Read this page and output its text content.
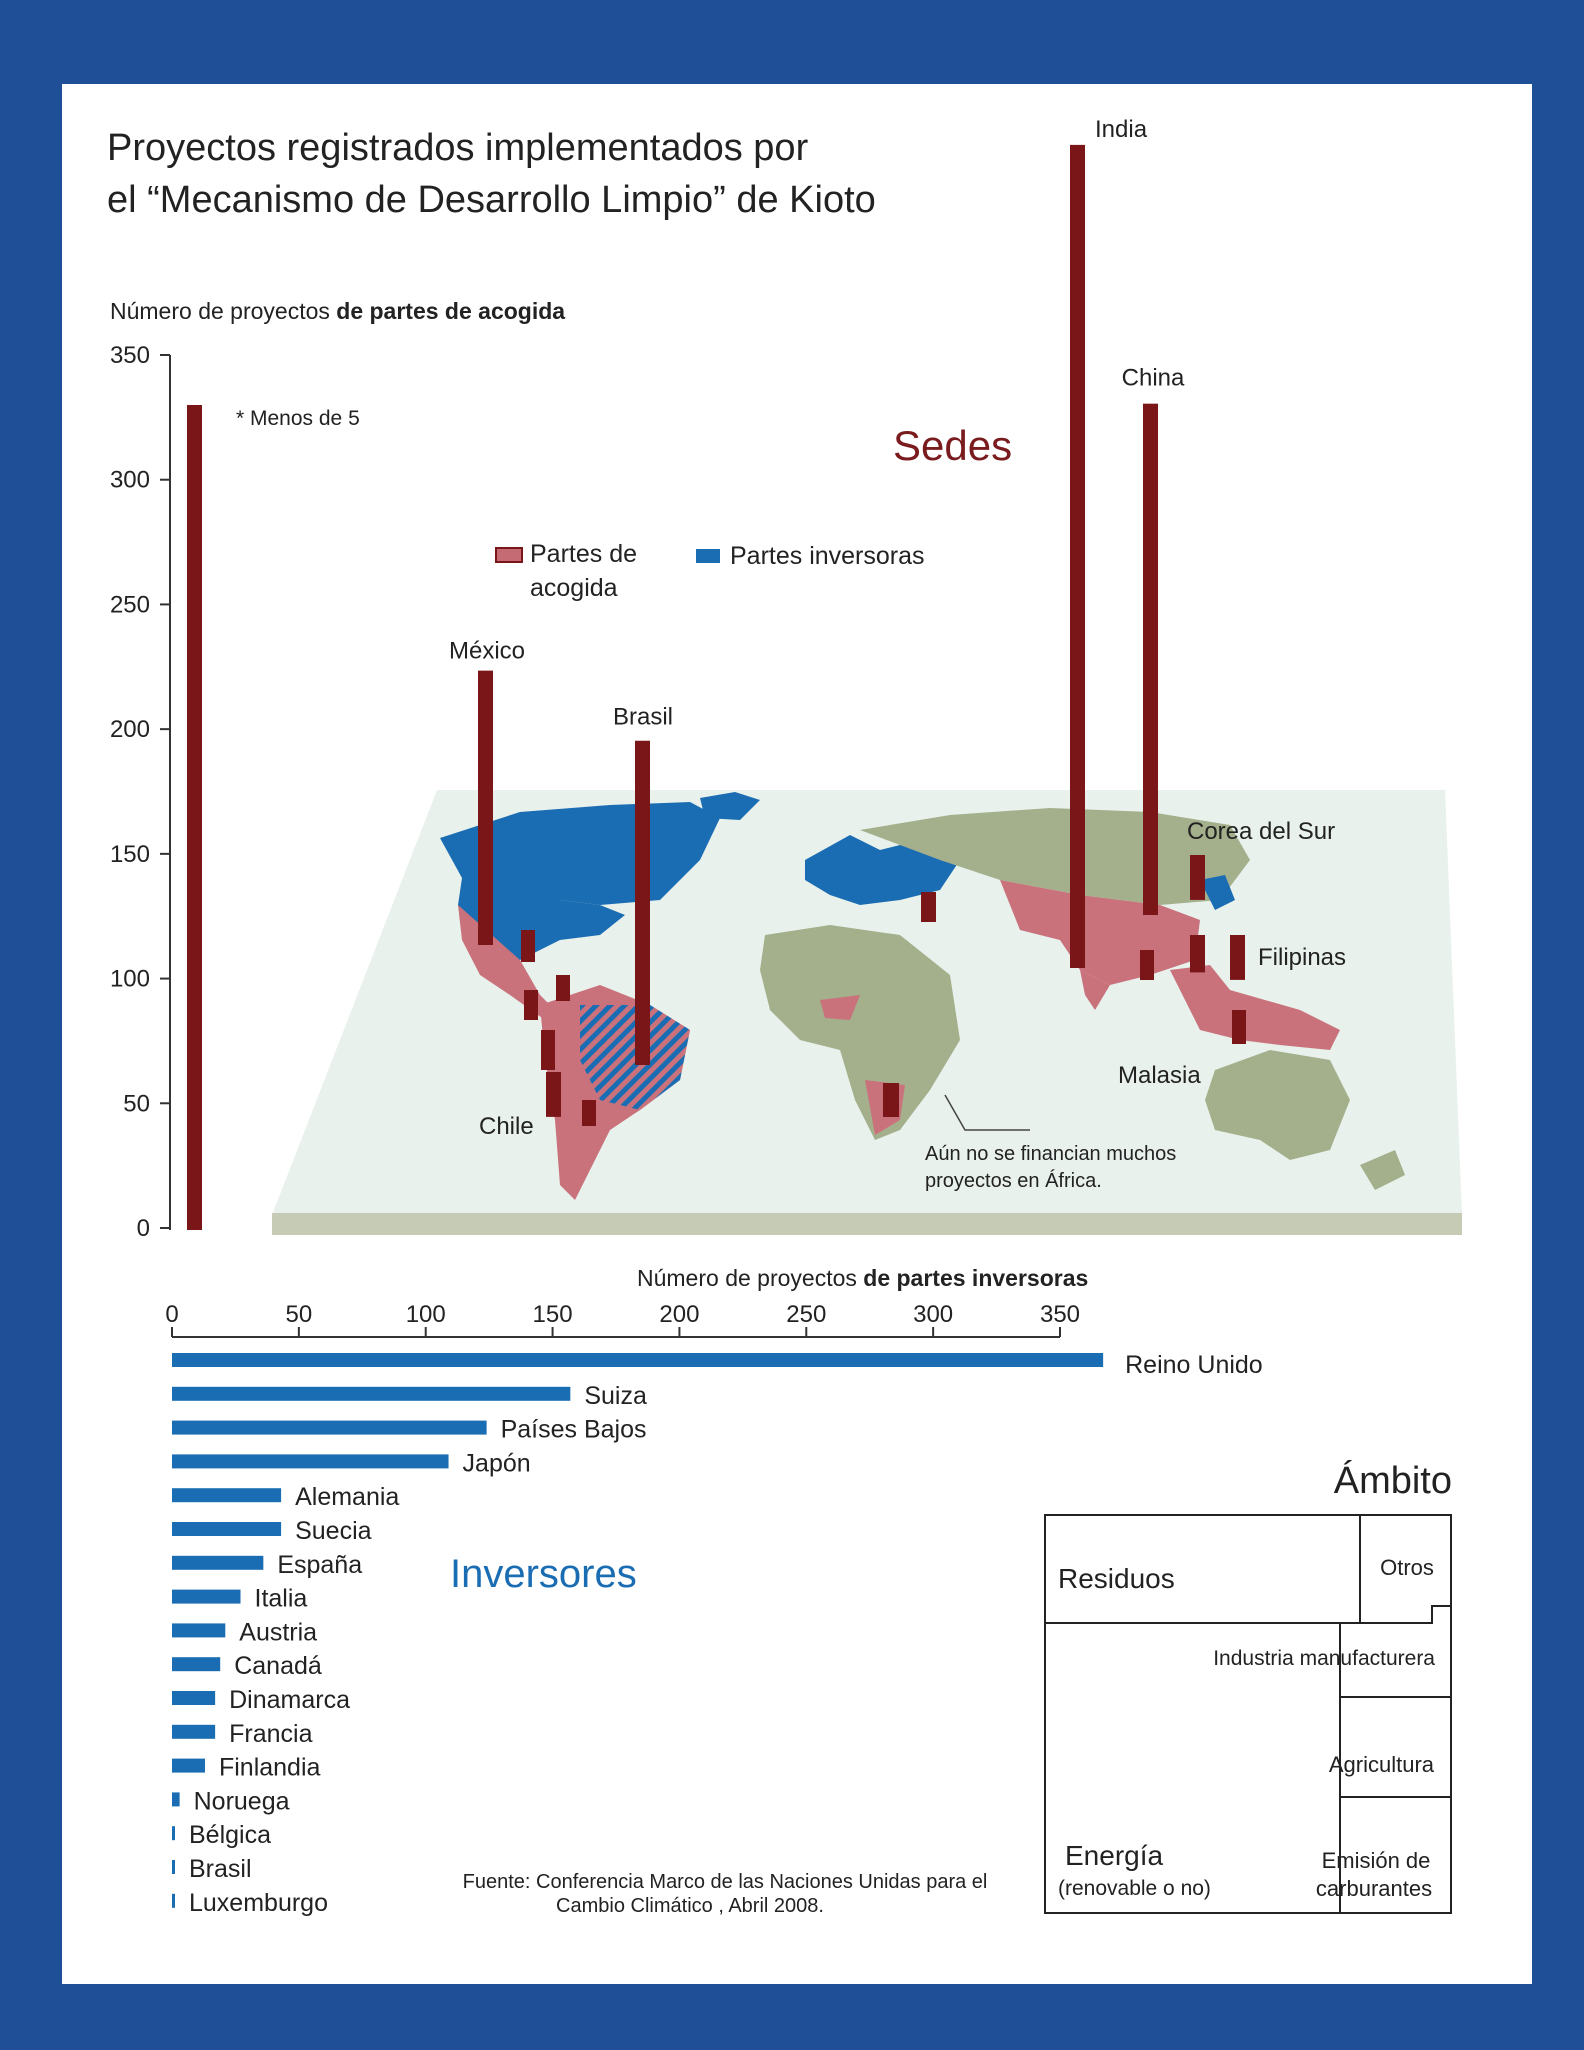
Proyectos registrados implementados por
el “Mecanismo de Desarrollo Limpio” de Kioto
Número de proyectos de partes de acogida
0
50
100
150
200
250
300
350
* Menos de 5
Sedes
Partes de
acogida
Partes inversoras
India
China
México
Brasil
Corea del Sur
Filipinas
Malasia
Chile
Aún no se financian muchos
proyectos en África.
Número de proyectos de partes inversoras
0	50	100	150	200	250	300	350
Reino Unido
Suiza
Países Bajos
Japón
Alemania
Suecia
España
Italia
Austria
Canadá
Dinamarca
Francia
Finlandia
Noruega
Bélgica
Brasil
Luxemburgo
Inversores
Fuente: Conferencia Marco de las Naciones Unidas para el
Cambio Climático , Abril 2008.
Ámbito
Residuos	Otros
Industria manufacturera
Agricultura
Energía
(renovable o no)
Emisión de
carburantes
